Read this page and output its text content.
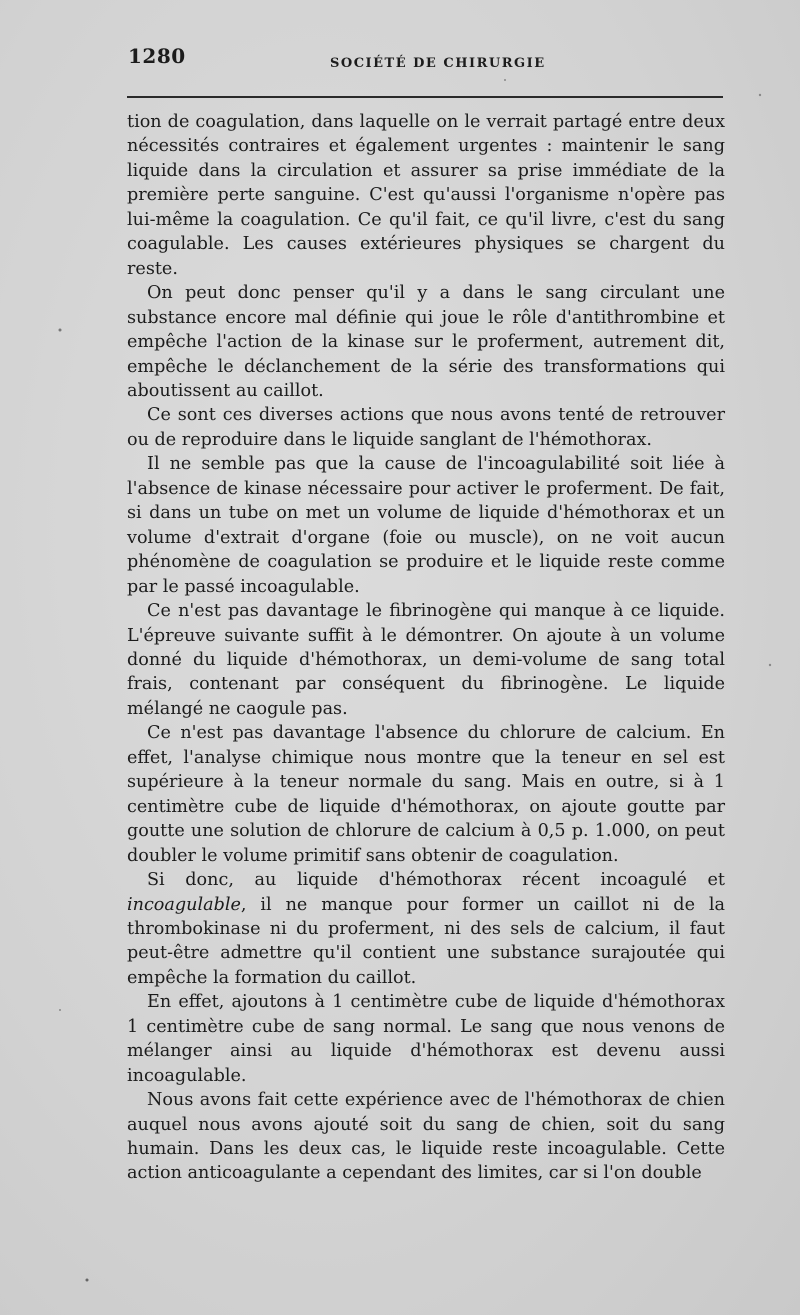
1280	SOCIÉTÉ DE CHIRURGIE

tion de coagulation, dans laquelle on le verrait partagé entre deux nécessités contraires et également urgentes : maintenir le sang liquide dans la circulation et assurer sa prise immédiate de la première perte sanguine. C'est qu'aussi l'organisme n'opère pas lui-même la coagulation. Ce qu'il fait, ce qu'il livre, c'est du sang coagulable. Les causes extérieures physiques se chargent du reste.

On peut donc penser qu'il y a dans le sang circulant une substance encore mal définie qui joue le rôle d'antithrombine et empêche l'action de la kinase sur le proferment, autrement dit, empêche le déclanchement de la série des transformations qui aboutissent au caillot.

Ce sont ces diverses actions que nous avons tenté de retrouver ou de reproduire dans le liquide sanglant de l'hémothorax.

Il ne semble pas que la cause de l'incoagulabilité soit liée à l'absence de kinase nécessaire pour activer le proferment. De fait, si dans un tube on met un volume de liquide d'hémothorax et un volume d'extrait d'organe (foie ou muscle), on ne voit aucun phénomène de coagulation se produire et le liquide reste comme par le passé incoagulable.

Ce n'est pas davantage le fibrinogène qui manque à ce liquide. L'épreuve suivante suffit à le démontrer. On ajoute à un volume donné du liquide d'hémothorax, un demi-volume de sang total frais, contenant par conséquent du fibrinogène. Le liquide mélangé ne caogule pas.

Ce n'est pas davantage l'absence du chlorure de calcium. En effet, l'analyse chimique nous montre que la teneur en sel est supérieure à la teneur normale du sang. Mais en outre, si à 1 centimètre cube de liquide d'hémothorax, on ajoute goutte par goutte une solution de chlorure de calcium à 0,5 p. 1.000, on peut doubler le volume primitif sans obtenir de coagulation.

Si donc, au liquide d'hémothorax récent incoagulé et incoagulable, il ne manque pour former un caillot ni de la thrombokinase ni du proferment, ni des sels de calcium, il faut peut-être admettre qu'il contient une substance surajoutée qui empêche la formation du caillot.

En effet, ajoutons à 1 centimètre cube de liquide d'hémothorax 1 centimètre cube de sang normal. Le sang que nous venons de mélanger ainsi au liquide d'hémothorax est devenu aussi incoagulable.

Nous avons fait cette expérience avec de l'hémothorax de chien auquel nous avons ajouté soit du sang de chien, soit du sang humain. Dans les deux cas, le liquide reste incoagulable. Cette action anticoagulante a cependant des limites, car si l'on double
